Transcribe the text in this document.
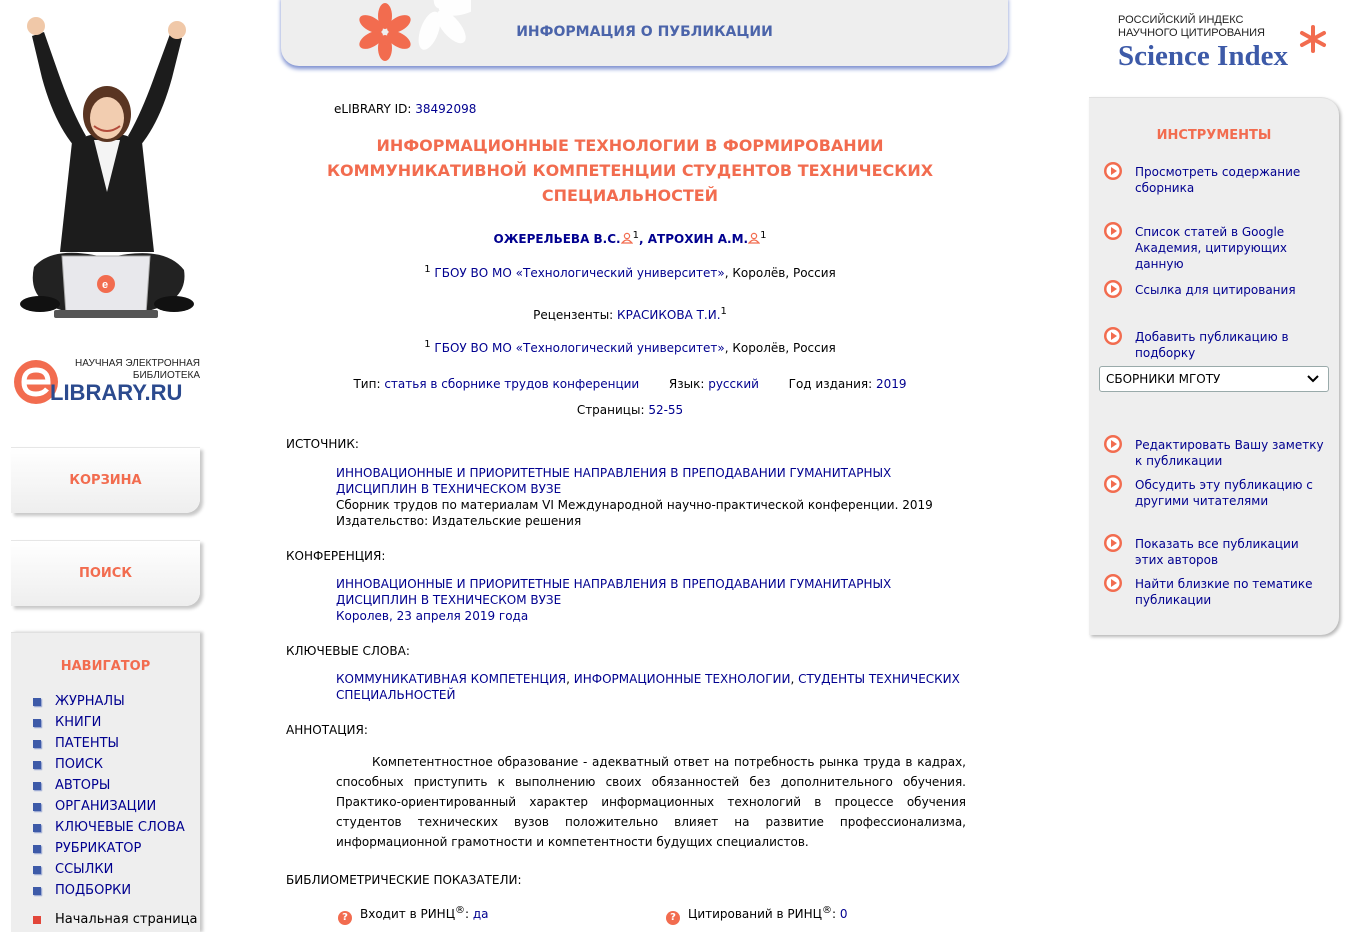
e
НАУЧНАЯ ЭЛЕКТРОННАЯ
БИБЛИОТЕКА
LIBRARY.RU
КОРЗИНА
ПОИСК
НАВИГАТОР
ЖУРНАЛЫ
КНИГИ
ПАТЕНТЫ
ПОИСК
АВТОРЫ
ОРГАНИЗАЦИИ
КЛЮЧЕВЫЕ СЛОВА
РУБРИКАТОР
ССЫЛКИ
ПОДБОРКИ
Начальная страница
ИНФОРМАЦИЯ О ПУБЛИКАЦИИ
РОССИЙСКИЙ ИНДЕКС
НАУЧНОГО ЦИТИРОВАНИЯ
Science Index
ИНСТРУМЕНТЫ
Просмотреть содержание сборника
Список статей в Google Академия, цитирующих данную
Ссылка для цитирования
Добавить публикацию в подборку
СБОРНИКИ МГОТУ
Редактировать Вашу заметку к публикации
Обсудить эту публикацию с другими читателями
Показать все публикации этих авторов
Найти близкие по тематике публикации
eLIBRARY ID: 38492098
ИНФОРМАЦИОННЫЕ ТЕХНОЛОГИИ В ФОРМИРОВАНИИ КОММУНИКАТИВНОЙ КОМПЕТЕНЦИИ СТУДЕНТОВ ТЕХНИЧЕСКИХ СПЕЦИАЛЬНОСТЕЙ
ОЖЕРЕЛЬЕВА В.С. $^1$, АТРОХИН А.М. $^1$
$^1$ ГБОУ ВО МО «Технологический университет», Королёв, Россия
Рецензенты: КРАСИКОВА Т.И.$^1$
$^1$ ГБОУ ВО МО «Технологический университет», Королёв, Россия
Тип: статья в сборнике трудов конференции Язык: русский Год издания: 2019
Страницы: 52-55
ИСТОЧНИК:
ИННОВАЦИОННЫЕ И ПРИОРИТЕТНЫЕ НАПРАВЛЕНИЯ В ПРЕПОДАВАНИИ ГУМАНИТАРНЫХ ДИСЦИПЛИН В ТЕХНИЧЕСКОМ ВУЗЕ
Сборник трудов по материалам VI Международной научно-практической конференции. 2019
Издательство: Издательские решения
КОНФЕРЕНЦИЯ:
ИННОВАЦИОННЫЕ И ПРИОРИТЕТНЫЕ НАПРАВЛЕНИЯ В ПРЕПОДАВАНИИ ГУМАНИТАРНЫХ ДИСЦИПЛИН В ТЕХНИЧЕСКОМ ВУЗЕ
Королев, 23 апреля 2019 года
КЛЮЧЕВЫЕ СЛОВА:
КОММУНИКАТИВНАЯ КОМПЕТЕНЦИЯ, ИНФОРМАЦИОННЫЕ ТЕХНОЛОГИИ, СТУДЕНТЫ ТЕХНИЧЕСКИХ СПЕЦИАЛЬНОСТЕЙ
АННОТАЦИЯ:
Компетентностное образование - адекватный ответ на потребность рынка труда в кадрах, способных приступить к выполнению своих обязанностей без дополнительного обучения. Практико-ориентированный характер информационных технологий в процессе обучения студентов технических вузов положительно влияет на развитие профессионализма, информационной грамотности и компетентности будущих специалистов.
БИБЛИОМЕТРИЧЕСКИЕ ПОКАЗАТЕЛИ:
? Входит в РИНЦ®: да	? Цитирований в РИНЦ®: 0
